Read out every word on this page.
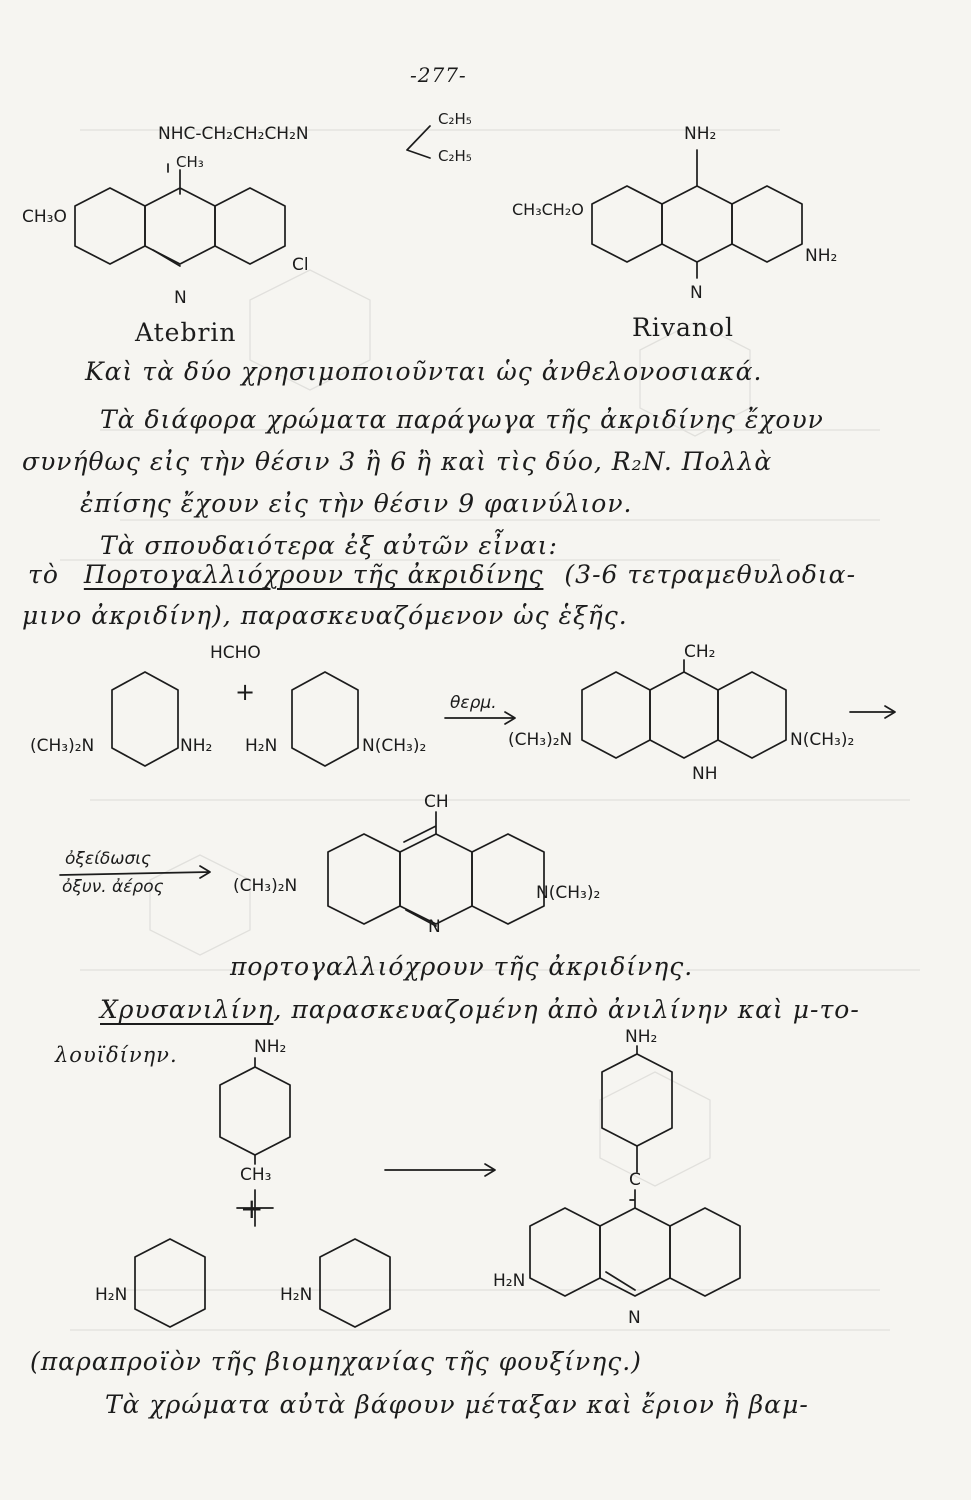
-277-
NHC-CH₂CH₂CH₂N
C₂H₅
C₂H₅
CH₃
CH₃O
Cl
N
Atebrin
NH₂
CH₃CH₂O
NH₂
N
Rivanol
Καὶ τὰ δύο χρησιμοποιοῦνται ὡς ἀνθελονοσιακά.
Τὰ διάφορα χρώματα παράγωγα τῆς ἀκριδίνης ἔχουν
συνήθως εἰς τὴν θέσιν 3 ἢ 6 ἢ καὶ τὶς δύο, R₂N. Πολλὰ
ἐπίσης ἔχουν εἰς τὴν θέσιν 9 φαινύλιον.
Τὰ σπουδαιότερα ἐξ αὐτῶν εἶναι:
τὸ Πορτογαλλιόχρουν τῆς ἀκριδίνης (3-6 τετραμεθυλοδια-
μινο ἀκριδίνη), παρασκευαζόμενον ὡς ἑξῆς.
HCHO
+
(CH₃)₂N	NH₂ H₂N	N(CH₃)₂
θερμ.
CH₂
(CH₃)₂N	N(CH₃)₂
NH
ὀξείδωσις
ὀξυν. ἀέρος
CH
(CH₃)₂N	N(CH₃)₂
N
πορτογαλλιόχρουν τῆς ἀκριδίνης.
Χρυσανιλίνη, παρασκευαζομένη ἀπὸ ἀνιλίνην καὶ μ-το-
λουϊδίνην.	NH₂
CH₃
+
H₂N	H₂N
NH₂
C
H₂N
N
(παραπροϊὸν τῆς βιομηχανίας τῆς φουξίνης.)
Τὰ χρώματα αὐτὰ βάφουν μέταξαν καὶ ἔριον ἢ βαμ-
